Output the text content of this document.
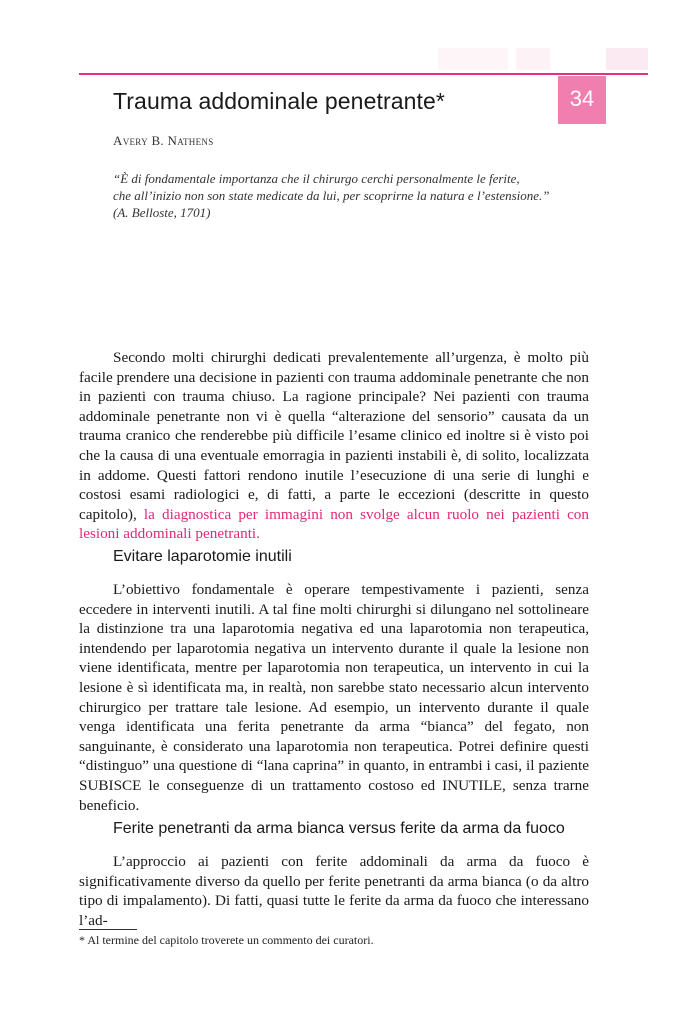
34
Trauma addominale penetrante*
Avery B. Nathens
“È di fondamentale importanza che il chirurgo cerchi personalmente le ferite,
che all’inizio non son state medicate da lui, per scoprirne la natura e l’estensione.”
(A. Belloste, 1701)

Secondo molti chirurghi dedicati prevalentemente all’urgenza, è molto più facile prendere una decisione in pazienti con trauma addominale penetrante che non in pazienti con trauma chiuso. La ragione principale? Nei pazienti con trauma addominale penetrante non vi è quella “alterazione del sensorio” causata da un trauma cranico che renderebbe più difficile l’esame clinico ed inoltre si è visto poi che la causa di una eventuale emorragia in pazienti instabili è, di solito, localizzata in addome. Questi fattori rendono inutile l’esecuzione di una serie di lunghi e costosi esami radiologici e, di fatti, a parte le eccezioni (descritte in questo capitolo), la diagnostica per immagini non svolge alcun ruolo nei pazienti con lesioni addominali penetranti.

Evitare laparotomie inutili

L’obiettivo fondamentale è operare tempestivamente i pazienti, senza eccedere in interventi inutili. A tal fine molti chirurghi si dilungano nel sottolineare la distinzione tra una laparotomia negativa ed una laparotomia non terapeutica, intendendo per laparotomia negativa un intervento durante il quale la lesione non viene identificata, mentre per laparotomia non terapeutica, un intervento in cui la lesione è sì identificata ma, in realtà, non sarebbe stato necessario alcun intervento chirurgico per trattare tale lesione. Ad esempio, un intervento durante il quale venga identificata una ferita penetrante da arma “bianca” del fegato, non sanguinante, è considerato una laparotomia non terapeutica. Potrei definire questi “distinguo” una questione di “lana caprina” in quanto, in entrambi i casi, il paziente SUBISCE le conseguenze di un trattamento costoso ed INUTILE, senza trarne beneficio.

Ferite penetranti da arma bianca versus ferite da arma da fuoco

L’approccio ai pazienti con ferite addominali da arma da fuoco è significativamente diverso da quello per ferite penetranti da arma bianca (o da altro tipo di impalamento). Di fatti, quasi tutte le ferite da arma da fuoco che interessano l’ad-

* Al termine del capitolo troverete un commento dei curatori.
